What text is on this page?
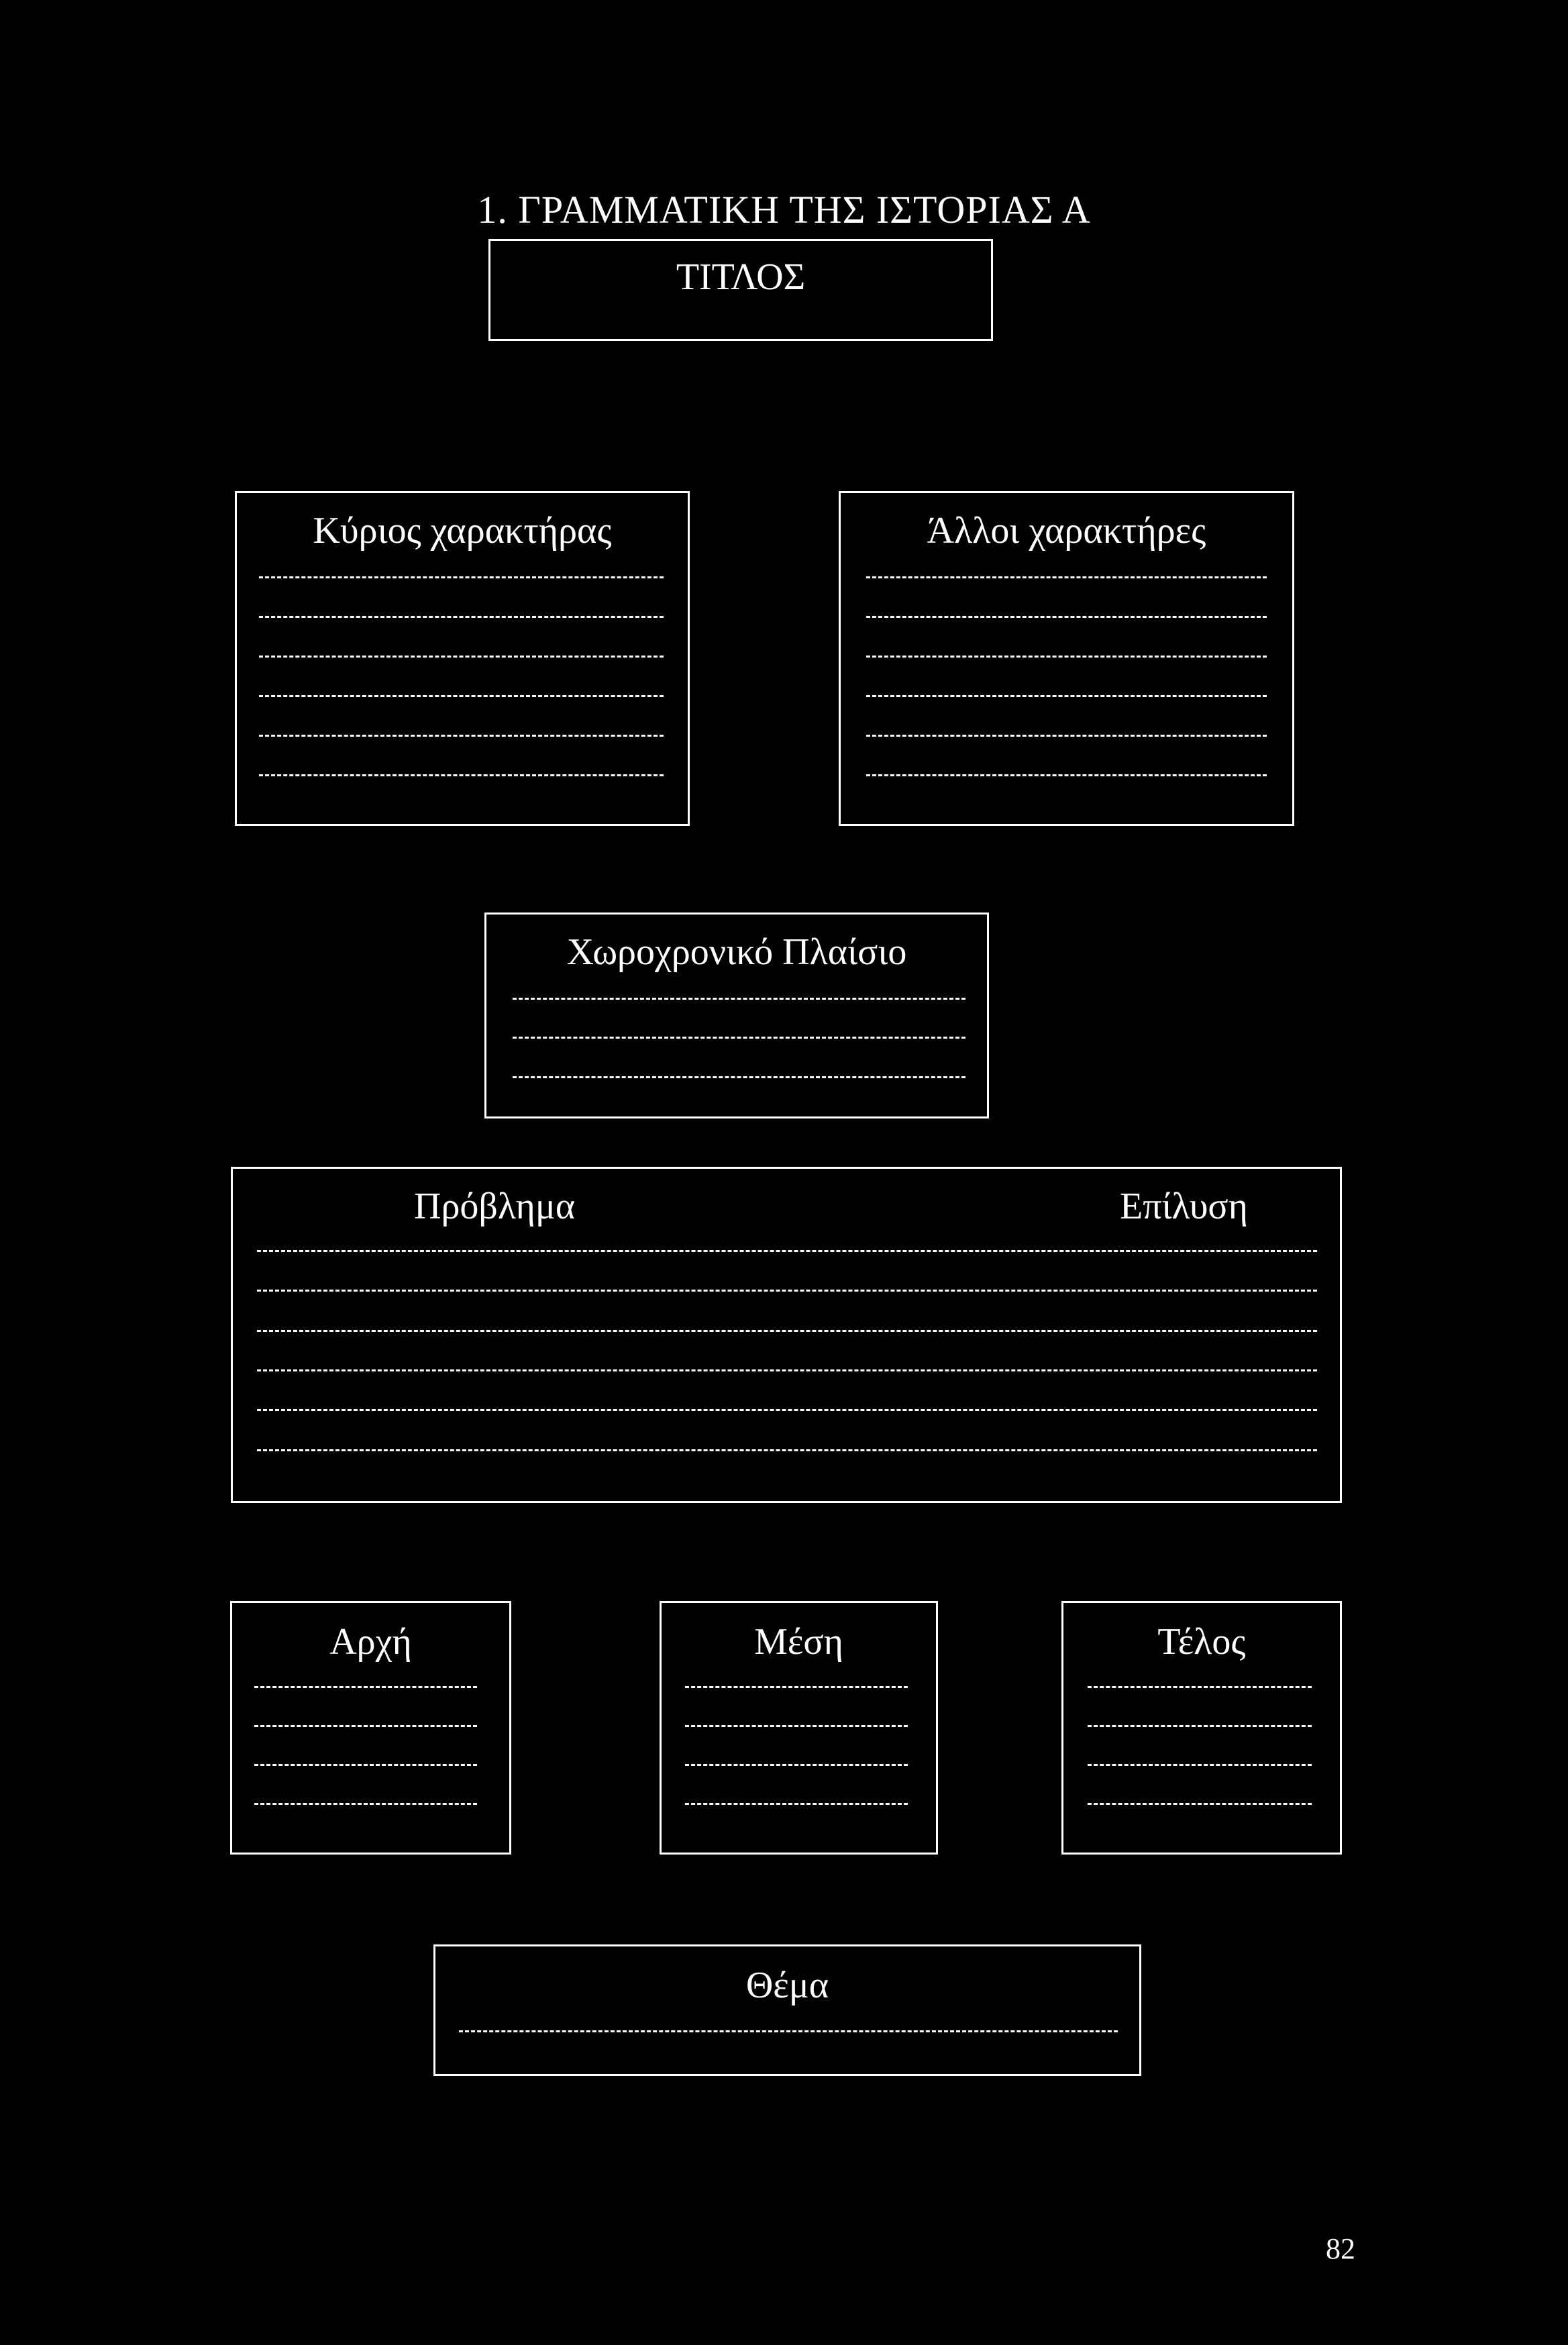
1. ΓΡΑΜΜΑΤΙΚΗ ΤΗΣ ΙΣΤΟΡΙΑΣ Α
ΤΙΤΛΟΣ
Κύριος χαρακτήρας	Άλλοι χαρακτήρες
Χωροχρονικό Πλαίσιο
Πρόβλημα	Επίλυση
Αρχή	Μέση	Τέλος
Θέμα
82
